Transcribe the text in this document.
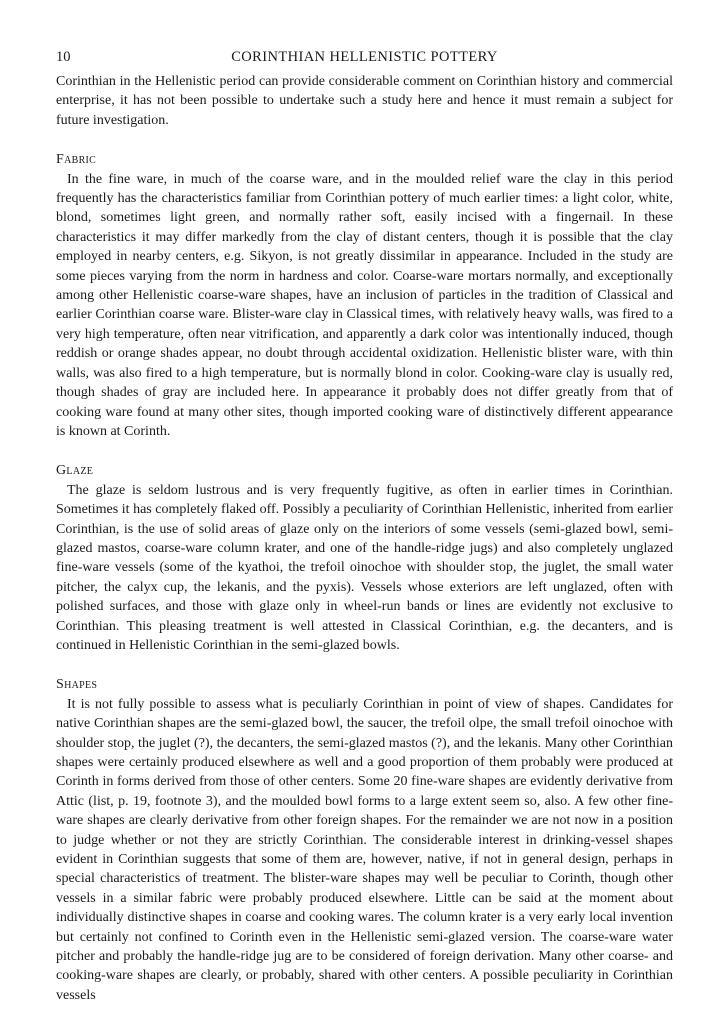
10	CORINTHIAN HELLENISTIC POTTERY

Corinthian in the Hellenistic period can provide considerable comment on Corinthian history and commercial enterprise, it has not been possible to undertake such a study here and hence it must remain a subject for future investigation.

Fabric

In the fine ware, in much of the coarse ware, and in the moulded relief ware the clay in this period frequently has the characteristics familiar from Corinthian pottery of much earlier times: a light color, white, blond, sometimes light green, and normally rather soft, easily incised with a fingernail. In these characteristics it may differ markedly from the clay of distant centers, though it is possible that the clay employed in nearby centers, e.g. Sikyon, is not greatly dissimilar in appearance. Included in the study are some pieces varying from the norm in hardness and color. Coarse-ware mortars normally, and exceptionally among other Hellenistic coarse-ware shapes, have an inclusion of particles in the tradition of Classical and earlier Corinthian coarse ware. Blister-ware clay in Classical times, with relatively heavy walls, was fired to a very high temperature, often near vitrification, and apparently a dark color was intentionally induced, though reddish or orange shades appear, no doubt through accidental oxidization. Hellenistic blister ware, with thin walls, was also fired to a high temperature, but is normally blond in color. Cooking-ware clay is usually red, though shades of gray are included here. In appearance it probably does not differ greatly from that of cooking ware found at many other sites, though imported cooking ware of distinctively different appearance is known at Corinth.

Glaze

The glaze is seldom lustrous and is very frequently fugitive, as often in earlier times in Corinthian. Sometimes it has completely flaked off. Possibly a peculiarity of Corinthian Hellenistic, inherited from earlier Corinthian, is the use of solid areas of glaze only on the interiors of some vessels (semi-glazed bowl, semi-glazed mastos, coarse-ware column krater, and one of the handle-ridge jugs) and also completely unglazed fine-ware vessels (some of the kyathoi, the trefoil oinochoe with shoulder stop, the juglet, the small water pitcher, the calyx cup, the lekanis, and the pyxis). Vessels whose exteriors are left unglazed, often with polished surfaces, and those with glaze only in wheel-run bands or lines are evidently not exclusive to Corinthian. This pleasing treatment is well attested in Classical Corinthian, e.g. the decanters, and is continued in Hellenistic Corinthian in the semi-glazed bowls.

Shapes

It is not fully possible to assess what is peculiarly Corinthian in point of view of shapes. Candidates for native Corinthian shapes are the semi-glazed bowl, the saucer, the trefoil olpe, the small trefoil oinochoe with shoulder stop, the juglet (?), the decanters, the semi-glazed mastos (?), and the lekanis. Many other Corinthian shapes were certainly produced elsewhere as well and a good proportion of them probably were produced at Corinth in forms derived from those of other centers. Some 20 fine-ware shapes are evidently derivative from Attic (list, p. 19, footnote 3), and the moulded bowl forms to a large extent seem so, also. A few other fine-ware shapes are clearly derivative from other foreign shapes. For the remainder we are not now in a position to judge whether or not they are strictly Corinthian. The considerable interest in drinking-vessel shapes evident in Corinthian suggests that some of them are, however, native, if not in general design, perhaps in special characteristics of treatment. The blister-ware shapes may well be peculiar to Corinth, though other vessels in a similar fabric were probably produced elsewhere. Little can be said at the moment about individually distinctive shapes in coarse and cooking wares. The column krater is a very early local invention but certainly not confined to Corinth even in the Hellenistic semi-glazed version. The coarse-ware water pitcher and probably the handle-ridge jug are to be considered of foreign derivation. Many other coarse- and cooking-ware shapes are clearly, or probably, shared with other centers. A possible peculiarity in Corinthian vessels
